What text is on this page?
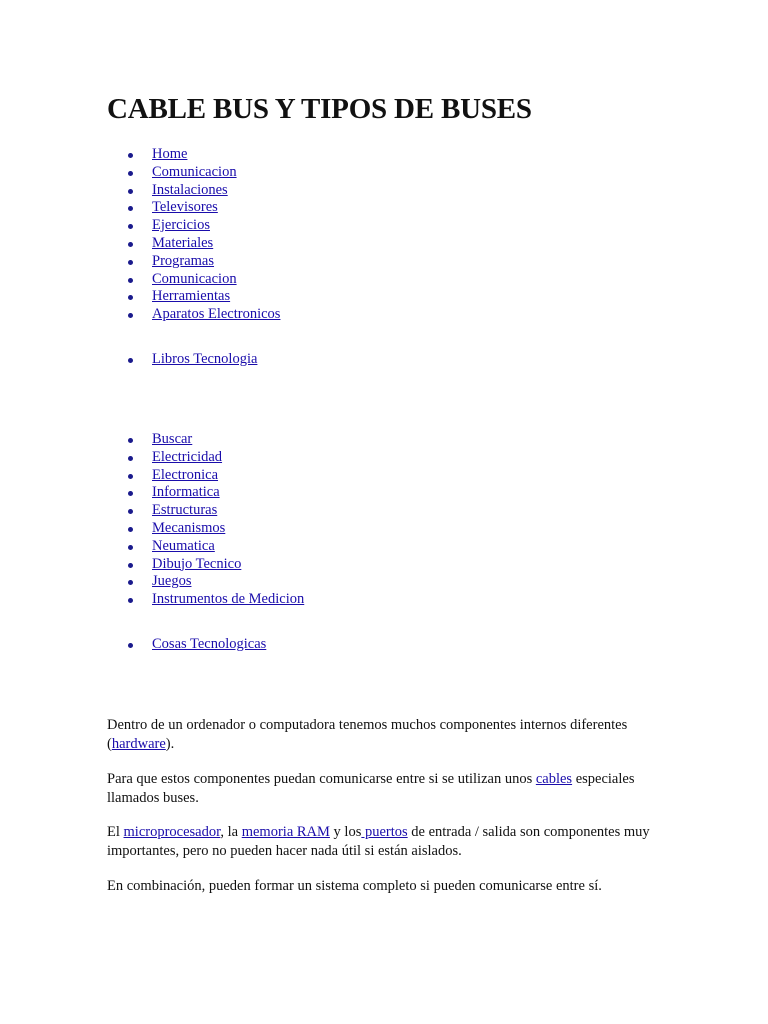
CABLE BUS Y TIPOS DE BUSES
Home
Comunicacion
Instalaciones
Televisores
Ejercicios
Materiales
Programas
Comunicacion
Herramientas
Aparatos Electronicos
Libros Tecnologia
Buscar
Electricidad
Electronica
Informatica
Estructuras
Mecanismos
Neumatica
Dibujo Tecnico
Juegos
Instrumentos de Medicion
Cosas Tecnologicas

Dentro de un ordenador o computadora tenemos muchos componentes internos diferentes (hardware).

Para que estos componentes puedan comunicarse entre si se utilizan unos cables especiales llamados buses.

El microprocesador, la memoria RAM y los puertos de entrada / salida son componentes muy importantes, pero no pueden hacer nada útil si están aislados.

En combinación, pueden formar un sistema completo si pueden comunicarse entre sí.
